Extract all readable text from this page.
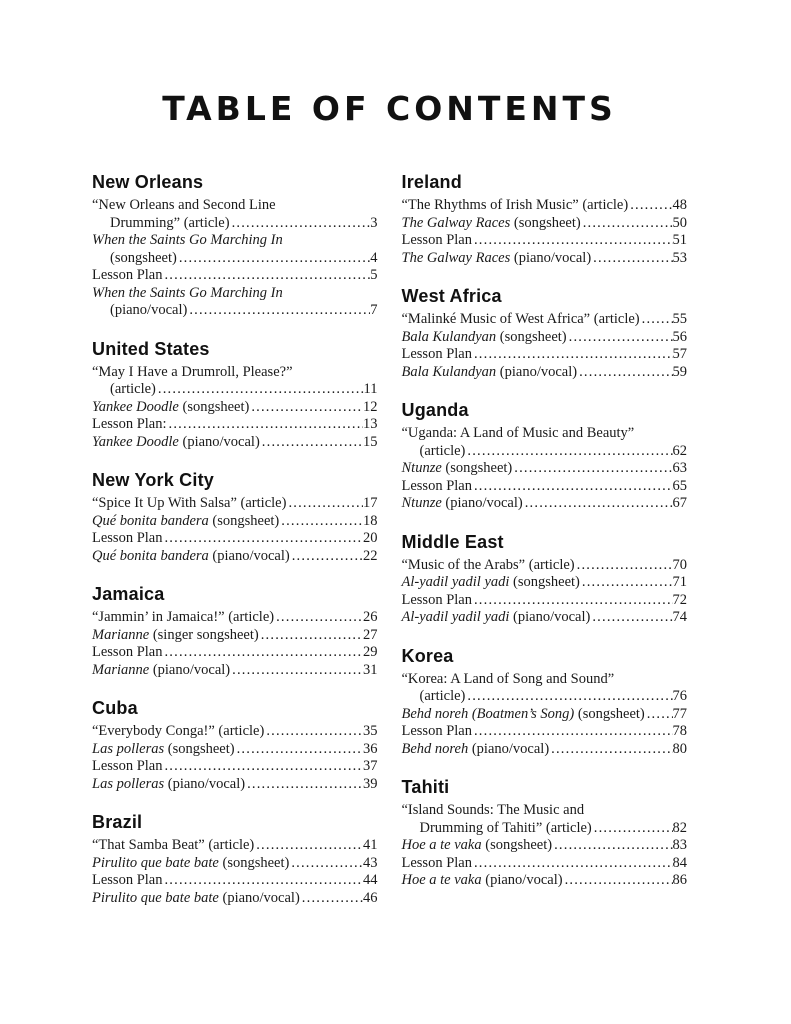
TABLE OF CONTENTS
New Orleans
“New Orleans and Second Line
Drumming” (article) .....	3
When the Saints Go Marching In
(songsheet) .....	4
Lesson Plan .....	5
When the Saints Go Marching In
(piano/vocal) .....	7
United States
“May I Have a Drumroll, Please?”
(article) .....	11
Yankee Doodle (songsheet) .....	12
Lesson Plan: .....	13
Yankee Doodle (piano/vocal) .....	15
New York City
“Spice It Up With Salsa” (article) .....	17
Qué bonita bandera (songsheet) .....	18
Lesson Plan .....	20
Qué bonita bandera (piano/vocal) .....	22
Jamaica
“Jammin’ in Jamaica!” (article) .....	26
Marianne (singer songsheet) .....	27
Lesson Plan .....	29
Marianne (piano/vocal) .....	31
Cuba
“Everybody Conga!” (article) .....	35
Las polleras (songsheet) .....	36
Lesson Plan .....	37
Las polleras (piano/vocal) .....	39
Brazil
“That Samba Beat” (article) .....	41
Pirulito que bate bate (songsheet) .....	43
Lesson Plan .....	44
Pirulito que bate bate (piano/vocal) .....	46
Ireland
“The Rhythms of Irish Music” (article) .....	48
The Galway Races (songsheet) .....	50
Lesson Plan .....	51
The Galway Races (piano/vocal) .....	53
West Africa
“Malinké Music of West Africa” (article) ..... 55
Bala Kulandyan (songsheet) .....	56
Lesson Plan .....	57
Bala Kulandyan (piano/vocal) .....	59
Uganda
“Uganda: A Land of Music and Beauty”
(article) .....	62
Ntunze (songsheet) .....	63
Lesson Plan .....	65
Ntunze (piano/vocal) .....	67
Middle East
“Music of the Arabs” (article) .....	70
Al-yadil yadil yadi (songsheet) .....	71
Lesson Plan .....	72
Al-yadil yadil yadi (piano/vocal) .....	74
Korea
“Korea: A Land of Song and Sound”
(article) .....	76
Behd noreh (Boatmen’s Song) (songsheet) ..... 77
Lesson Plan .....	78
Behd noreh (piano/vocal) .....	80
Tahiti
“Island Sounds: The Music and
Drumming of Tahiti” (article) .....	82
Hoe a te vaka (songsheet) .....	83
Lesson Plan .....	84
Hoe a te vaka (piano/vocal) .....	86
